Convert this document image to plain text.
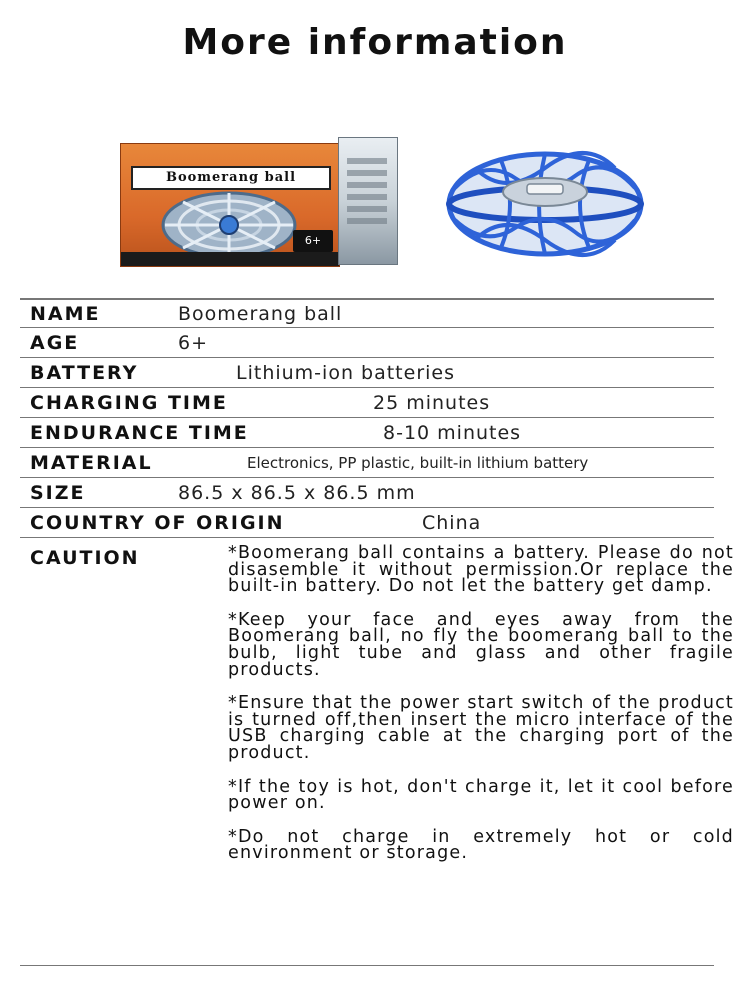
More information
Boomerang ball
6+
NAME	Boomerang ball
AGE	6+
BATTERY	Lithium-ion batteries
CHARGING TIME	25 minutes
ENDURANCE TIME	8-10 minutes
MATERIAL	Electronics, PP plastic, built-in lithium battery
SIZE	86.5 x 86.5 x 86.5 mm
COUNTRY OF ORIGIN	China
CAUTION	*Boomerang ball contains a battery. Please do not disasemble it without permission.Or replace the built-in battery. Do not let the battery get damp.
*Keep your face and eyes away from the Boomerang ball, no fly the boomerang ball to the bulb, light tube and glass and other fragile products.
*Ensure that the power start switch of the product is turned off,then insert the micro interface of the USB charging cable at the charging port of the product.
*If the toy is hot, don't charge it, let it cool before power on.
*Do not charge in extremely hot or cold environment or storage.
